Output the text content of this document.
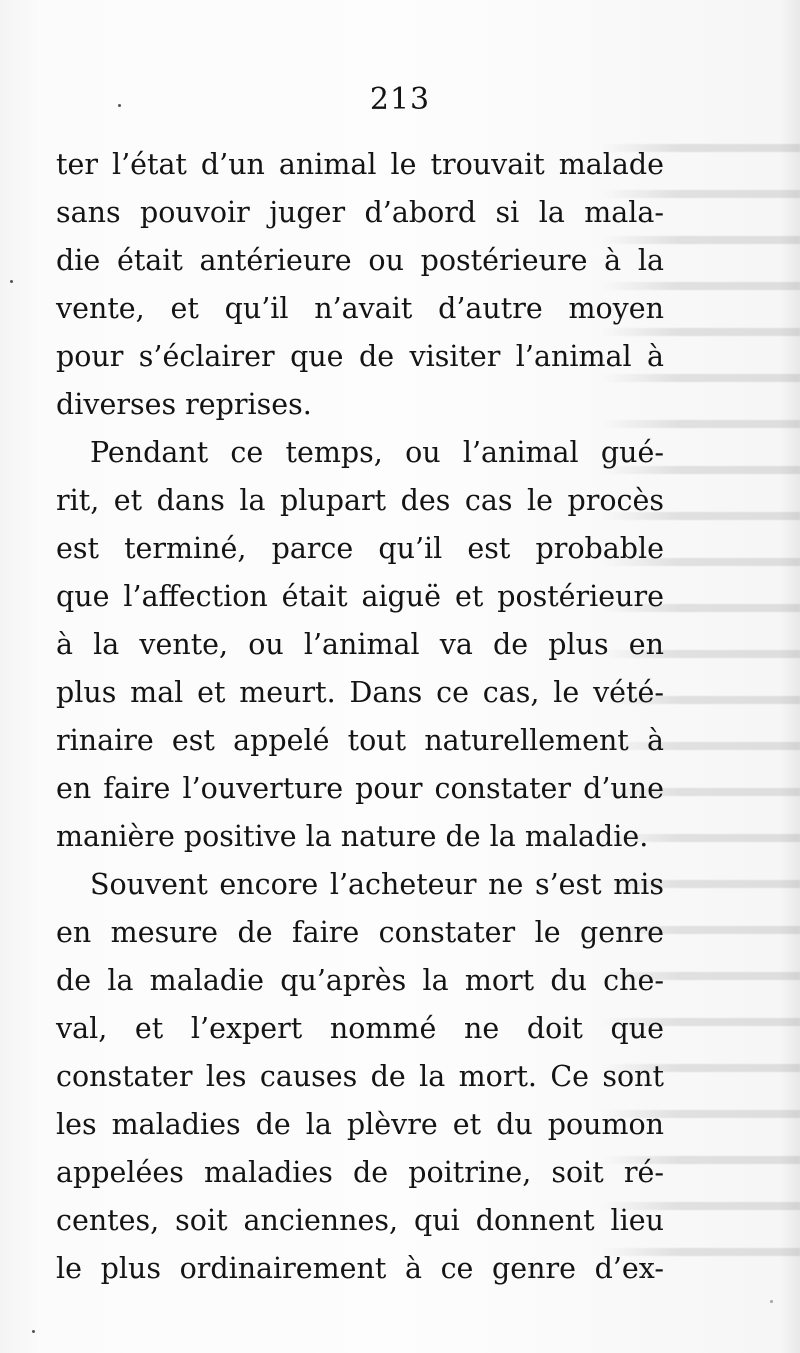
213
ter l’état d’un animal le trouvait malade
sans pouvoir juger d’abord si la mala-
die était antérieure ou postérieure à la
vente, et qu’il n’avait d’autre moyen
pour s’éclairer que de visiter l’animal à
diverses reprises.
Pendant ce temps, ou l’animal gué-
rit, et dans la plupart des cas le procès
est terminé, parce qu’il est probable
que l’affection était aiguë et postérieure
à la vente, ou l’animal va de plus en
plus mal et meurt. Dans ce cas, le vété-
rinaire est appelé tout naturellement à
en faire l’ouverture pour constater d’une
manière positive la nature de la maladie.
Souvent encore l’acheteur ne s’est mis
en mesure de faire constater le genre
de la maladie qu’après la mort du che-
val, et l’expert nommé ne doit que
constater les causes de la mort. Ce sont
les maladies de la plèvre et du poumon
appelées maladies de poitrine, soit ré-
centes, soit anciennes, qui donnent lieu
le plus ordinairement à ce genre d’ex-
